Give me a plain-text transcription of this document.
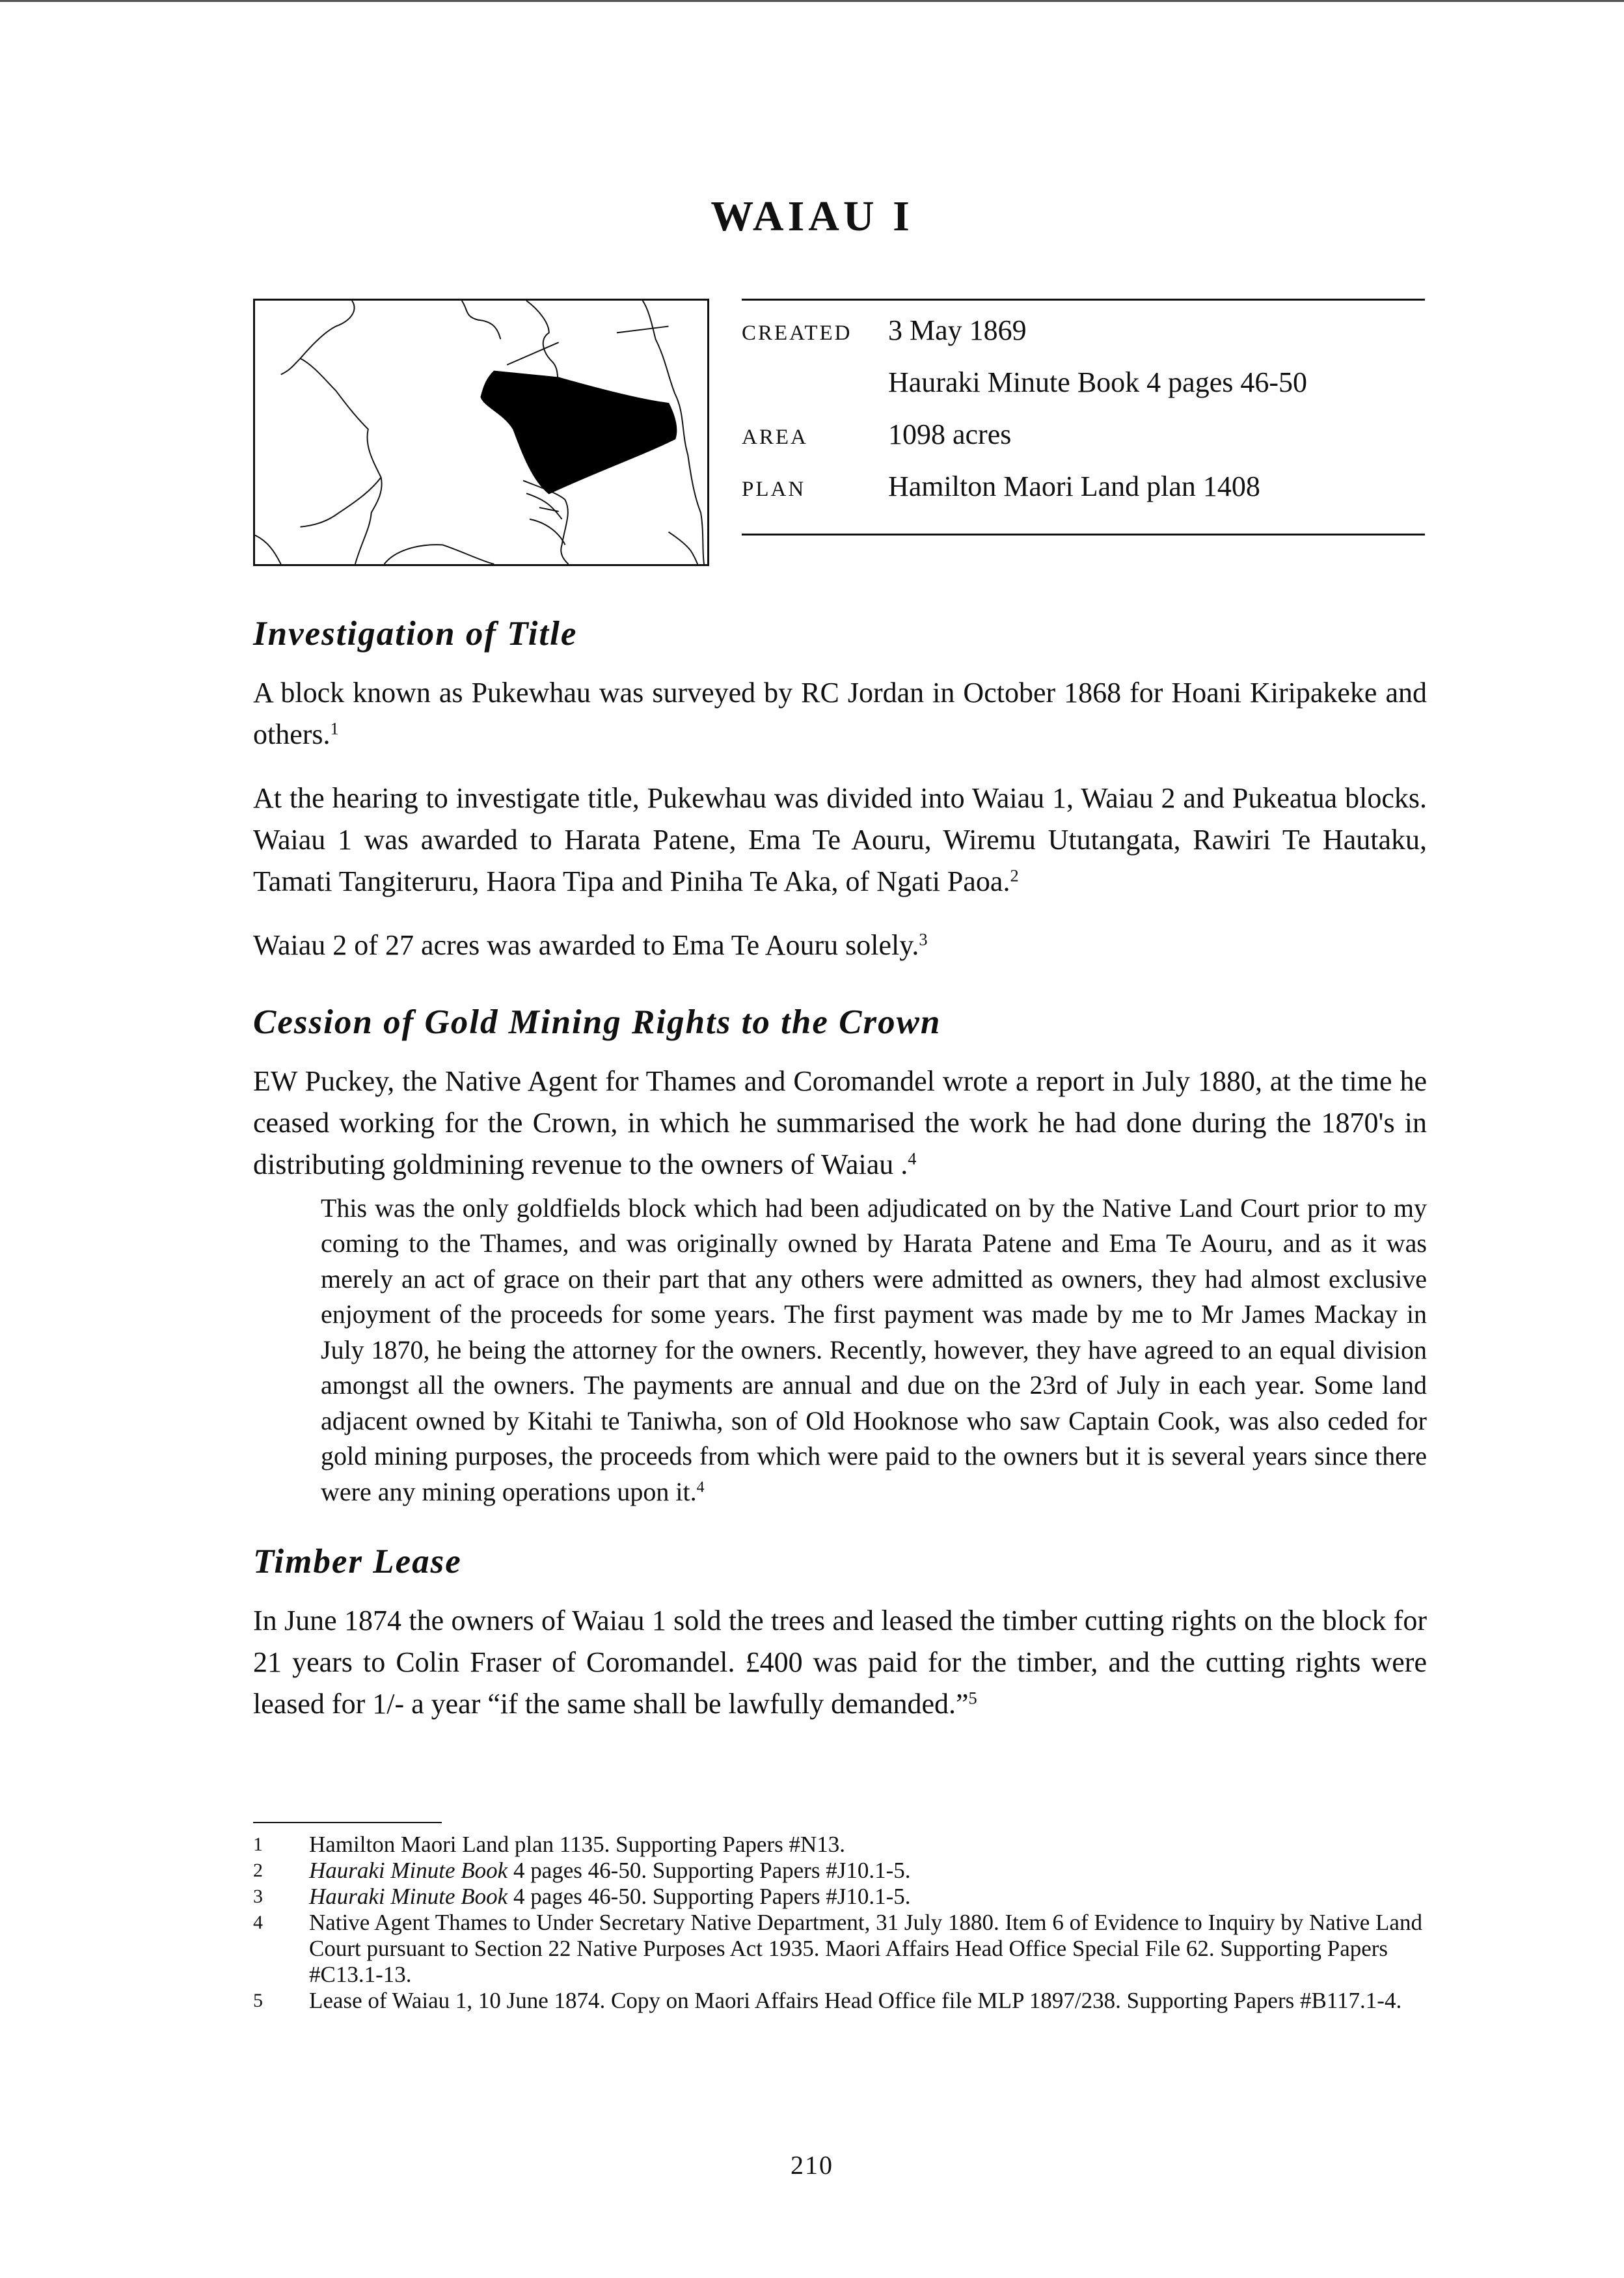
WAIAU I
CREATED	3 May 1869
	Hauraki Minute Book 4 pages 46-50
AREA	1098 acres
PLAN	Hamilton Maori Land plan 1408
Investigation of Title

A block known as Pukewhau was surveyed by RC Jordan in October 1868 for Hoani Kiripakeke and others.$^1$

At the hearing to investigate title, Pukewhau was divided into Waiau 1, Waiau 2 and Pukeatua blocks. Waiau 1 was awarded to Harata Patene, Ema Te Aouru, Wiremu Ututangata, Rawiri Te Hautaku, Tamati Tangiteruru, Haora Tipa and Piniha Te Aka, of Ngati Paoa.$^2$

Waiau 2 of 27 acres was awarded to Ema Te Aouru solely.$^3$

Cession of Gold Mining Rights to the Crown

EW Puckey, the Native Agent for Thames and Coromandel wrote a report in July 1880, at the time he ceased working for the Crown, in which he summarised the work he had done during the 1870's in distributing goldmining revenue to the owners of Waiau .$^4$

This was the only goldfields block which had been adjudicated on by the Native Land Court prior to my coming to the Thames, and was originally owned by Harata Patene and Ema Te Aouru, and as it was merely an act of grace on their part that any others were admitted as owners, they had almost exclusive enjoyment of the proceeds for some years. The first payment was made by me to Mr James Mackay in July 1870, he being the attorney for the owners. Recently, however, they have agreed to an equal division amongst all the owners. The payments are annual and due on the 23rd of July in each year. Some land adjacent owned by Kitahi te Taniwha, son of Old Hooknose who saw Captain Cook, was also ceded for gold mining purposes, the proceeds from which were paid to the owners but it is several years since there were any mining operations upon it.$^4$

Timber Lease

In June 1874 the owners of Waiau 1 sold the trees and leased the timber cutting rights on the block for 21 years to Colin Fraser of Coromandel. £400 was paid for the timber, and the cutting rights were leased for 1/- a year “if the same shall be lawfully demanded.”$^5$

1	Hamilton Maori Land plan 1135. Supporting Papers #N13.
2	Hauraki Minute Book 4 pages 46-50. Supporting Papers #J10.1-5.
3	Hauraki Minute Book 4 pages 46-50. Supporting Papers #J10.1-5.
4	Native Agent Thames to Under Secretary Native Department, 31 July 1880. Item 6 of Evidence to Inquiry by Native Land Court pursuant to Section 22 Native Purposes Act 1935. Maori Affairs Head Office Special File 62. Supporting Papers #C13.1-13.
5	Lease of Waiau 1, 10 June 1874. Copy on Maori Affairs Head Office file MLP 1897/238. Supporting Papers #B117.1-4.
210
